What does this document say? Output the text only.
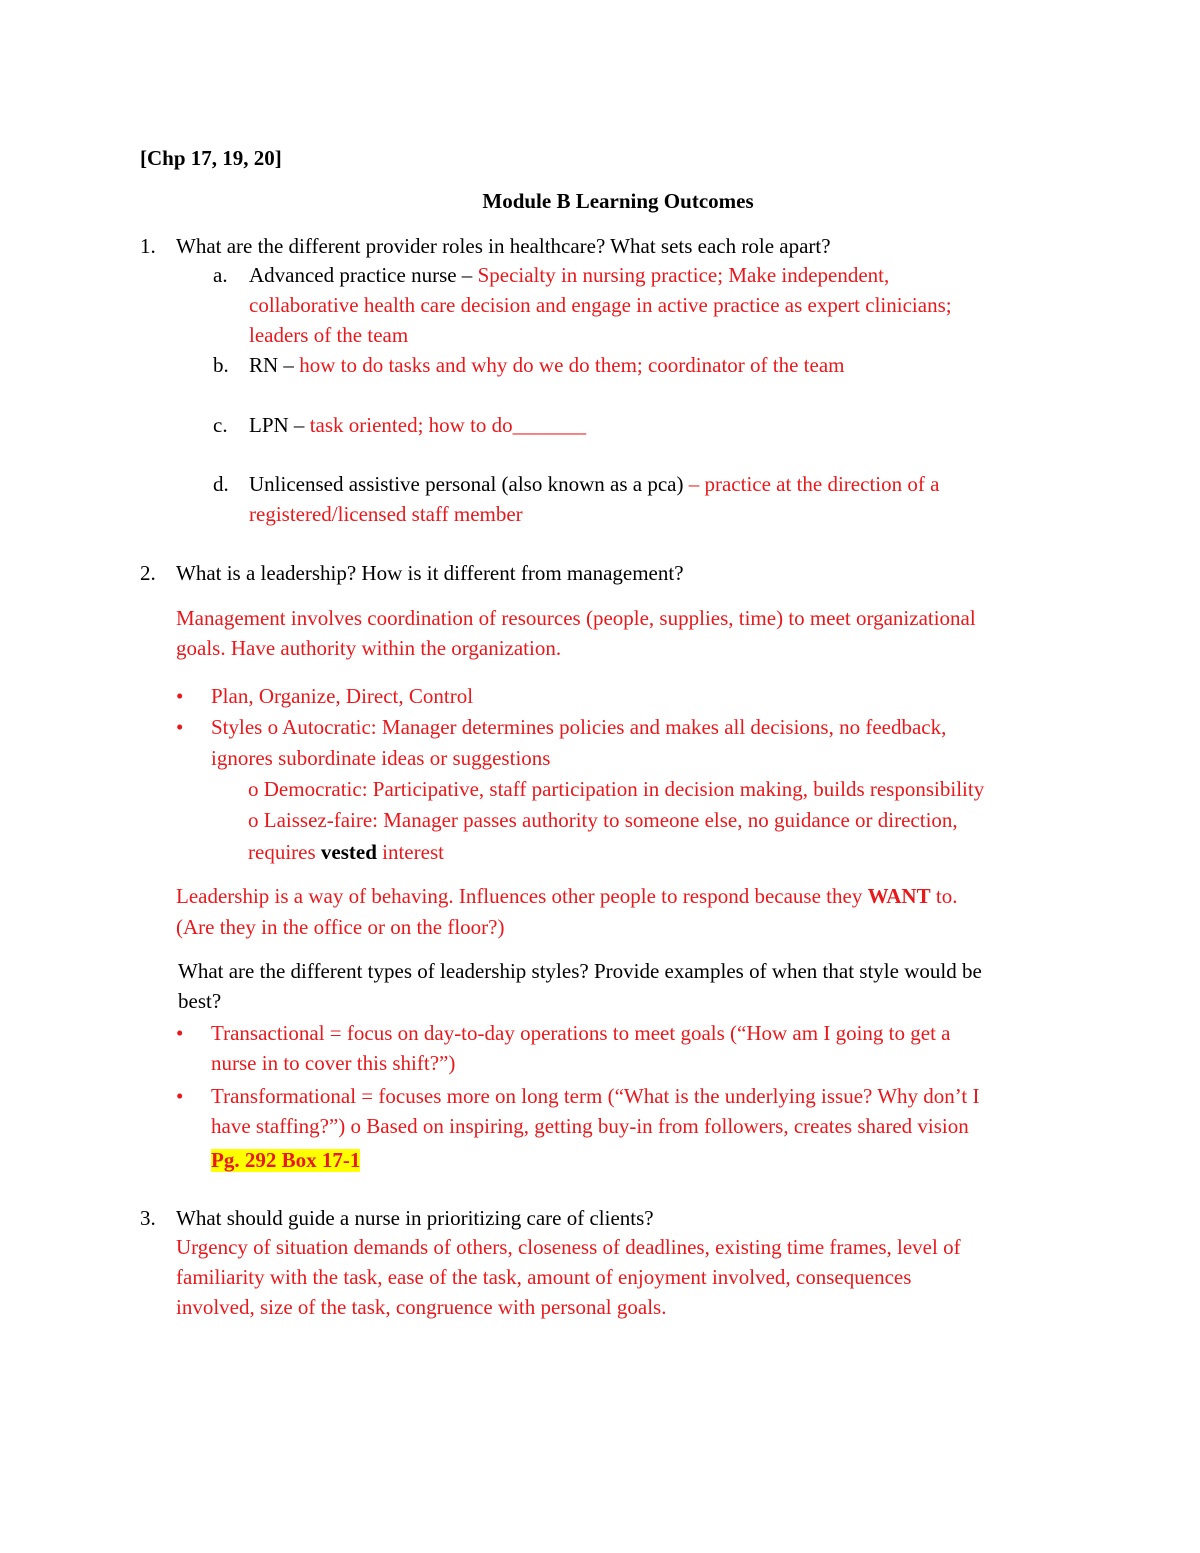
[Chp 17, 19, 20]
Module B Learning Outcomes
1. What are the different provider roles in healthcare? What sets each role apart?
a. Advanced practice nurse – Specialty in nursing practice; Make independent,
collaborative health care decision and engage in active practice as expert clinicians;
leaders of the team
b. RN – how to do tasks and why do we do them; coordinator of the team
c. LPN – task oriented; how to do_______
d. Unlicensed assistive personal (also known as a pca) – practice at the direction of a
registered/licensed staff member
2. What is a leadership? How is it different from management?
Management involves coordination of resources (people, supplies, time) to meet organizational
goals. Have authority within the organization.
• Plan, Organize, Direct, Control
• Styles o Autocratic: Manager determines policies and makes all decisions, no feedback,
ignores subordinate ideas or suggestions
o Democratic: Participative, staff participation in decision making, builds responsibility
o Laissez-faire: Manager passes authority to someone else, no guidance or direction,
requires vested interest
Leadership is a way of behaving. Influences other people to respond because they WANT to.
(Are they in the office or on the floor?)
What are the different types of leadership styles? Provide examples of when that style would be
best?
• Transactional = focus on day-to-day operations to meet goals (“How am I going to get a
nurse in to cover this shift?”)
• Transformational = focuses more on long term (“What is the underlying issue? Why don’t I
have staffing?”) o Based on inspiring, getting buy-in from followers, creates shared vision
Pg. 292 Box 17-1
3. What should guide a nurse in prioritizing care of clients?
Urgency of situation demands of others, closeness of deadlines, existing time frames, level of
familiarity with the task, ease of the task, amount of enjoyment involved, consequences
involved, size of the task, congruence with personal goals.
